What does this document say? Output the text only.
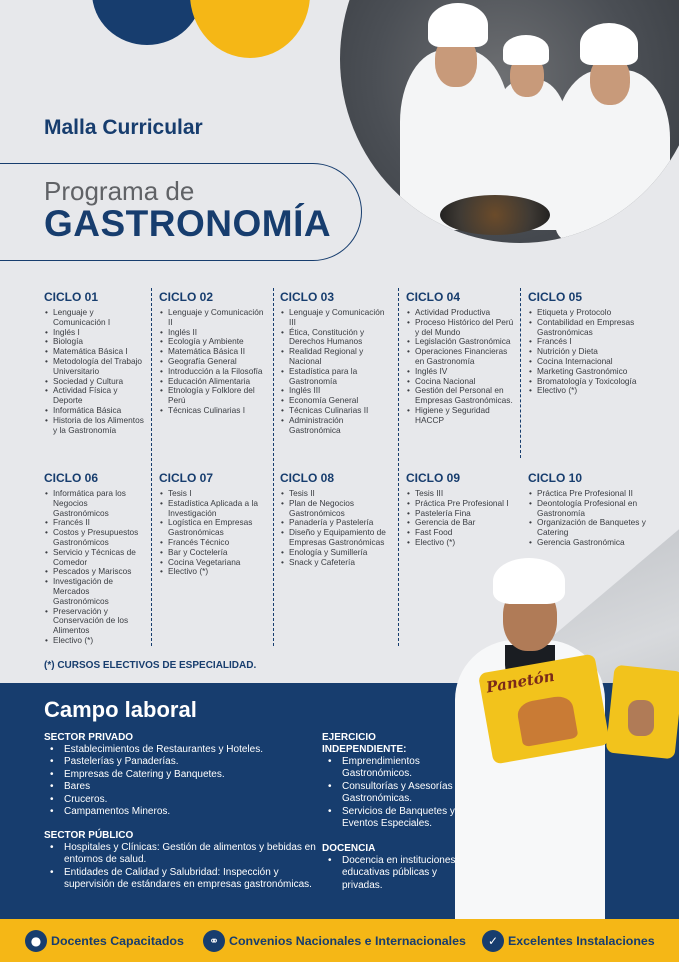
Malla Curricular
Programa de
GASTRONOMÍA
CICLO 01
• Lenguaje y Comunicación I
• Inglés I
• Biología
• Matemática Básica I
• Metodología del Trabajo Universitario
• Sociedad y Cultura
• Actividad Física y Deporte
• Informática Básica
• Historia de los Alimentos y la Gastronomía
CICLO 02
• Lenguaje y Comunicación II
• Inglés II
• Ecología y Ambiente
• Matemática Básica II
• Geografía General
• Introducción a la Filosofía
• Educación Alimentaria
• Etnología y Folklore del Perú
• Técnicas Culinarias I
CICLO 03
• Lenguaje y Comunicación III
• Ética, Constitución y Derechos Humanos
• Realidad Regional y Nacional
• Estadística para la Gastronomía
• Inglés III
• Economía General
• Técnicas Culinarias II
• Administración Gastronómica
CICLO 04
• Actividad Productiva
• Proceso Histórico del Perú y del Mundo
• Legislación Gastronómica
• Operaciones Financieras en Gastronomía
• Inglés IV
• Cocina Nacional
• Gestión del Personal en Empresas Gastronómicas.
• Higiene y Seguridad HACCP
CICLO 05
• Etiqueta y Protocolo
• Contabilidad en Empresas Gastronómicas
• Francés I
• Nutrición y Dieta
• Cocina Internacional
• Marketing Gastronómico
• Bromatología y Toxicología
• Electivo (*)
CICLO 06
• Informática para los Negocios Gastronómicos
• Francés II
• Costos y Presupuestos Gastronómicos
• Servicio y Técnicas de Comedor
• Pescados y Mariscos
• Investigación de Mercados Gastronómicos
• Preservación y Conservación de los Alimentos
• Electivo (*)
CICLO 07
• Tesis I
• Estadística Aplicada a la Investigación
• Logística en Empresas Gastronómicas
• Francés Técnico
• Bar y Coctelería
• Cocina Vegetariana
• Electivo (*)
CICLO 08
• Tesis II
• Plan de Negocios Gastronómicos
• Panadería y Pastelería
• Diseño y Equipamiento de Empresas Gastronómicas
• Enología y Sumillería
• Snack y Cafetería
CICLO 09
• Tesis III
• Práctica Pre Profesional I
• Pastelería Fina
• Gerencia de Bar
• Fast Food
• Electivo (*)
CICLO 10
• Práctica Pre Profesional II
• Deontología Profesional en Gastronomía
• Organización de Banquetes y Catering
• Gerencia Gastronómica
(*) CURSOS ELECTIVOS DE ESPECIALIDAD.
Campo laboral
SECTOR PRIVADO
• Establecimientos de Restaurantes y Hoteles.
• Pastelerías y Panaderías.
• Empresas de Catering y Banquetes.
• Bares
• Cruceros.
• Campamentos Mineros.
SECTOR PÚBLICO
• Hospitales y Clínicas: Gestión de alimentos y bebidas en entornos de salud.
• Entidades de Calidad y Salubridad: Inspección y supervisión de estándares en empresas gastronómicas.
EJERCICIO INDEPENDIENTE:
• Emprendimientos Gastronómicos.
• Consultorías y Asesorías Gastronómicas.
• Servicios de Banquetes y Eventos Especiales.
DOCENCIA
• Docencia en instituciones educativas públicas y privadas.
Panetón
● Docentes Capacitados	⚭ Convenios Nacionales e Internacionales	✓ Excelentes Instalaciones
